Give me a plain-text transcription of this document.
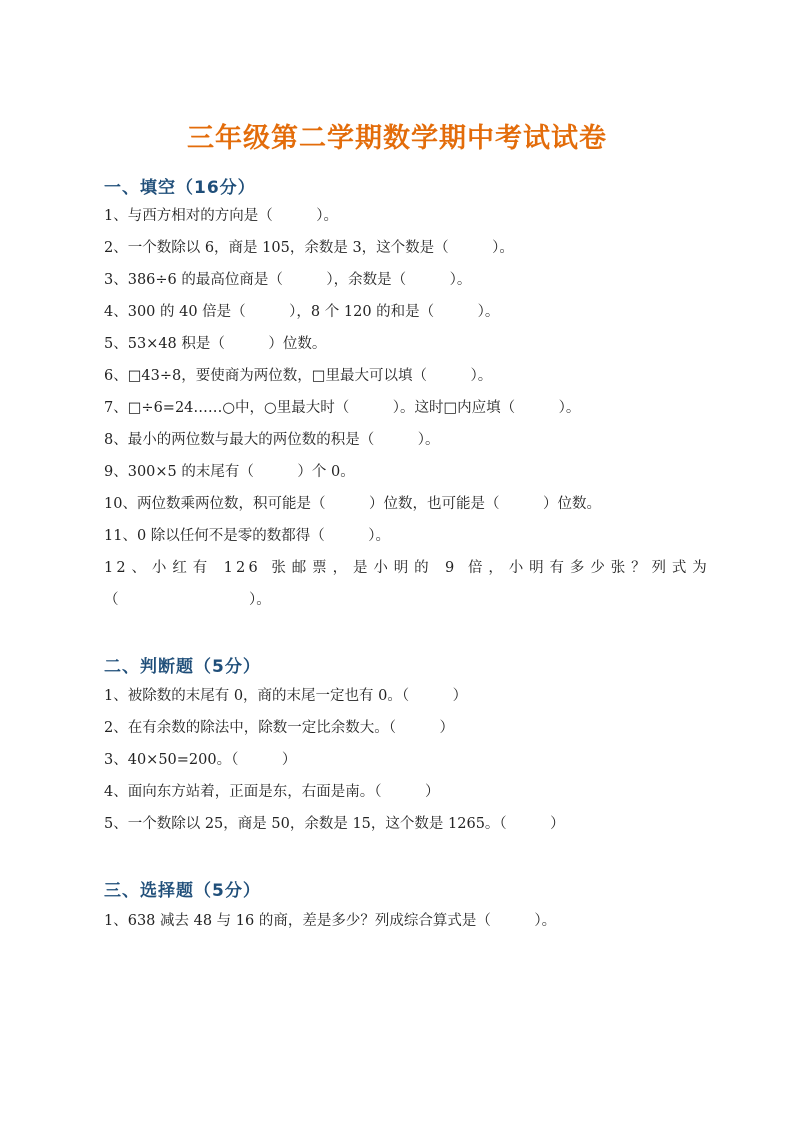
三年级第二学期数学期中考试试卷
一、填空（16分）
1、与西方相对的方向是（　　　）。
2、一个数除以 6，商是 105，余数是 3，这个数是（　　　）。
3、386÷6 的最高位商是（　　　），余数是（　　　）。
4、300 的 40 倍是（　　　），8 个 120 的和是（　　　）。
5、53×48 积是（　　　）位数。
6、□43÷8，要使商为两位数，□里最大可以填（　　　）。
7、□÷6=24……○中，○里最大时（　　　）。这时□内应填（　　　）。
8、最小的两位数与最大的两位数的积是（　　　）。
9、300×5 的末尾有（　　　）个 0。
10、两位数乘两位数，积可能是（　　　）位数，也可能是（　　　）位数。
11、0 除以任何不是零的数都得（　　　）。
12、小红有 126 张邮票，是小明的 9 倍，小明有多少张？列式为
（　　　　　　　　　）。
二、判断题（5分）
1、被除数的末尾有 0，商的末尾一定也有 0。（　　　）
2、在有余数的除法中，除数一定比余数大。（　　　）
3、40×50=200。（　　　）
4、面向东方站着，正面是东，右面是南。（　　　）
5、一个数除以 25，商是 50，余数是 15，这个数是 1265。（　　　）
三、选择题（5分）
1、638 减去 48 与 16 的商，差是多少？列成综合算式是（　　　）。
